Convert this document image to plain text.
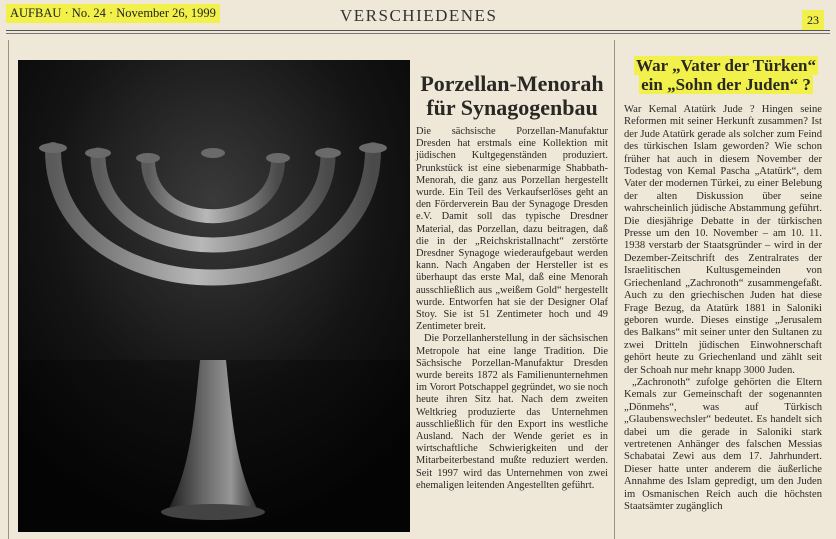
AUFBAU · No. 24 · November 26, 1999	VERSCHIEDENES	23
Porzellan-Menorah für Synagogenbau

Die sächsische Porzellan-Manufaktur Dresden hat erstmals eine Kollektion mit jüdischen Kultgegenständen produziert. Prunkstück ist eine siebenarmige Shabbath-Menorah, die ganz aus Porzellan hergestellt wurde. Ein Teil des Verkaufserlöses geht an den Förderverein Bau der Synagoge Dresden e.V. Damit soll das typische Dresdner Material, das Porzellan, dazu beitragen, daß die in der „Reichskristallnacht“ zerstörte Dresdner Synagoge wiederaufgebaut werden kann. Nach Angaben der Hersteller ist es überhaupt das erste Mal, daß eine Menorah ausschließlich aus „weißem Gold“ hergestellt wurde. Entworfen hat sie der Designer Olaf Stoy. Sie ist 51 Zentimeter hoch und 49 Zentimeter breit.

Die Porzellanherstellung in der sächsischen Metropole hat eine lange Tradition. Die Sächsische Porzellan-Manufaktur Dresden wurde bereits 1872 als Familienunternehmen im Vorort Potschappel gegründet, wo sie noch heute ihren Sitz hat. Nach dem zweiten Weltkrieg produzierte das Unternehmen ausschließlich für den Export ins westliche Ausland. Nach der Wende geriet es in wirtschaftliche Schwierigkeiten und der Mitarbeiterbestand mußte reduziert werden. Seit 1997 wird das Unternehmen von zwei ehemaligen leitenden Angestellten geführt.

War „Vater der Türken“
ein „Sohn der Juden“ ?

War Kemal Atatürk Jude ? Hingen seine Reformen mit seiner Herkunft zusammen? Ist der Jude Atatürk gerade als solcher zum Feind des türkischen Islam geworden? Wie schon früher hat auch in diesem November der Todestag von Kemal Pascha „Atatürk“, dem Vater der modernen Türkei, zu einer Belebung der alten Diskussion über seine wahrscheinlich jüdische Abstammung geführt. Die diesjährige Debatte in der türkischen Presse um den 10. November – am 10. 11. 1938 verstarb der Staatsgründer – wird in der Dezember-Zeitschrift des Zentralrates der Israelitischen Kultusgemeinden von Griechenland „Zachronoth“ zusammengefaßt. Auch zu den griechischen Juden hat diese Frage Bezug, da Atatürk 1881 in Saloniki geboren wurde. Dieses einstige „Jerusalem des Balkans“ mit seiner unter den Sultanen zu zwei Dritteln jüdischen Einwohnerschaft gehört heute zu Griechenland und zählt seit der Schoah nur mehr knapp 3000 Juden.

„Zachronoth“ zufolge gehörten die Eltern Kemals zur Gemeinschaft der sogenannten „Dönmehs“, was auf Türkisch „Glaubenswechsler“ bedeutet. Es handelt sich dabei um die gerade in Saloniki stark vertretenen Anhänger des falschen Messias Schabatai Zewi aus dem 17. Jahrhundert. Dieser hatte unter anderem die äußerliche Annahme des Islam gepredigt, um den Juden im Osmanischen Reich auch die höchsten Staatsämter zugänglich
